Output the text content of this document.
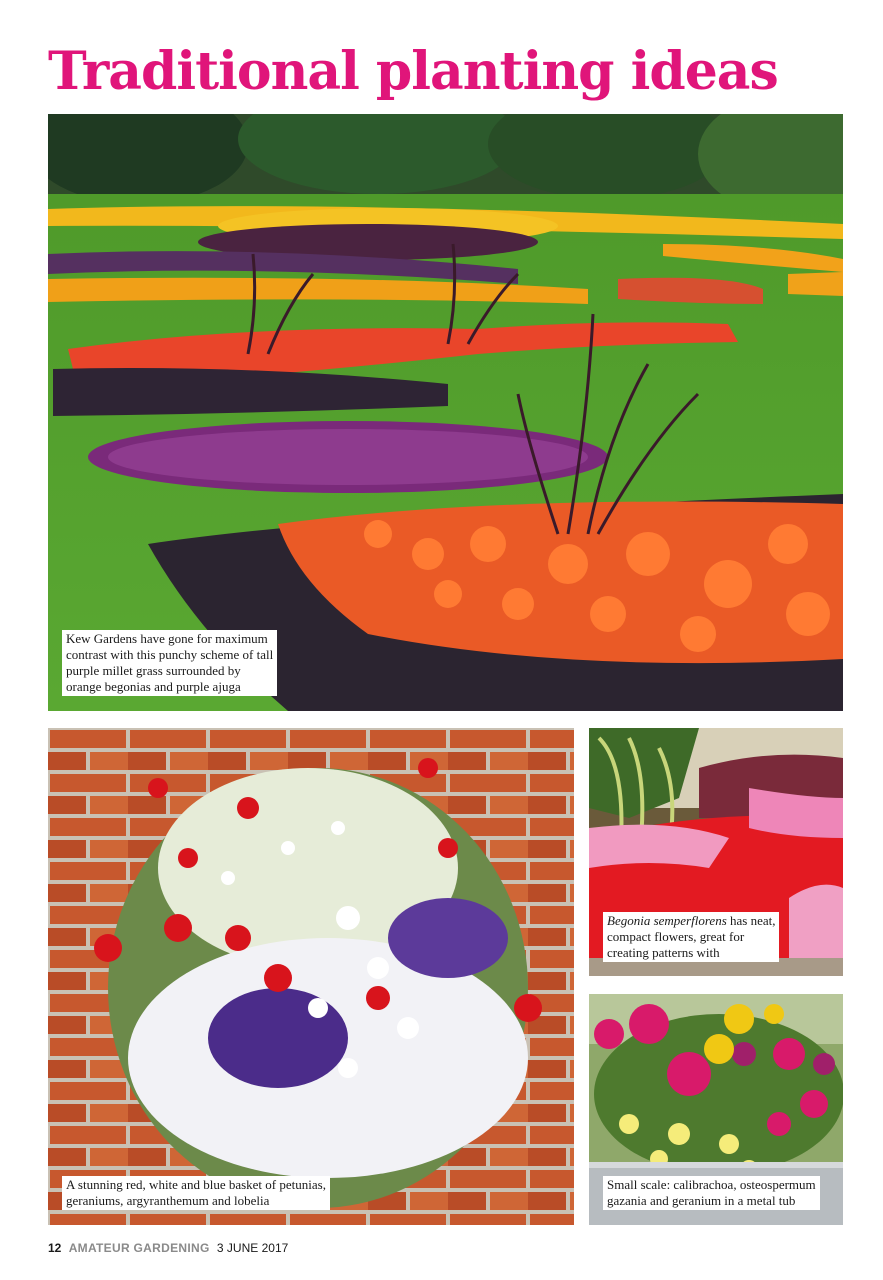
Traditional planting ideas
Kew Gardens have gone for maximum
contrast with this punchy scheme of tall
purple millet grass surrounded by
orange begonias and purple ajuga
A stunning red, white and blue basket of petunias,
geraniums, argyranthemum and lobelia
Begonia semperflorens has neat,
compact flowers, great for
creating patterns with
Small scale: calibrachoa, osteospermum
gazania and geranium in a metal tub
12 AMATEUR GARDENING 3 JUNE 2017
